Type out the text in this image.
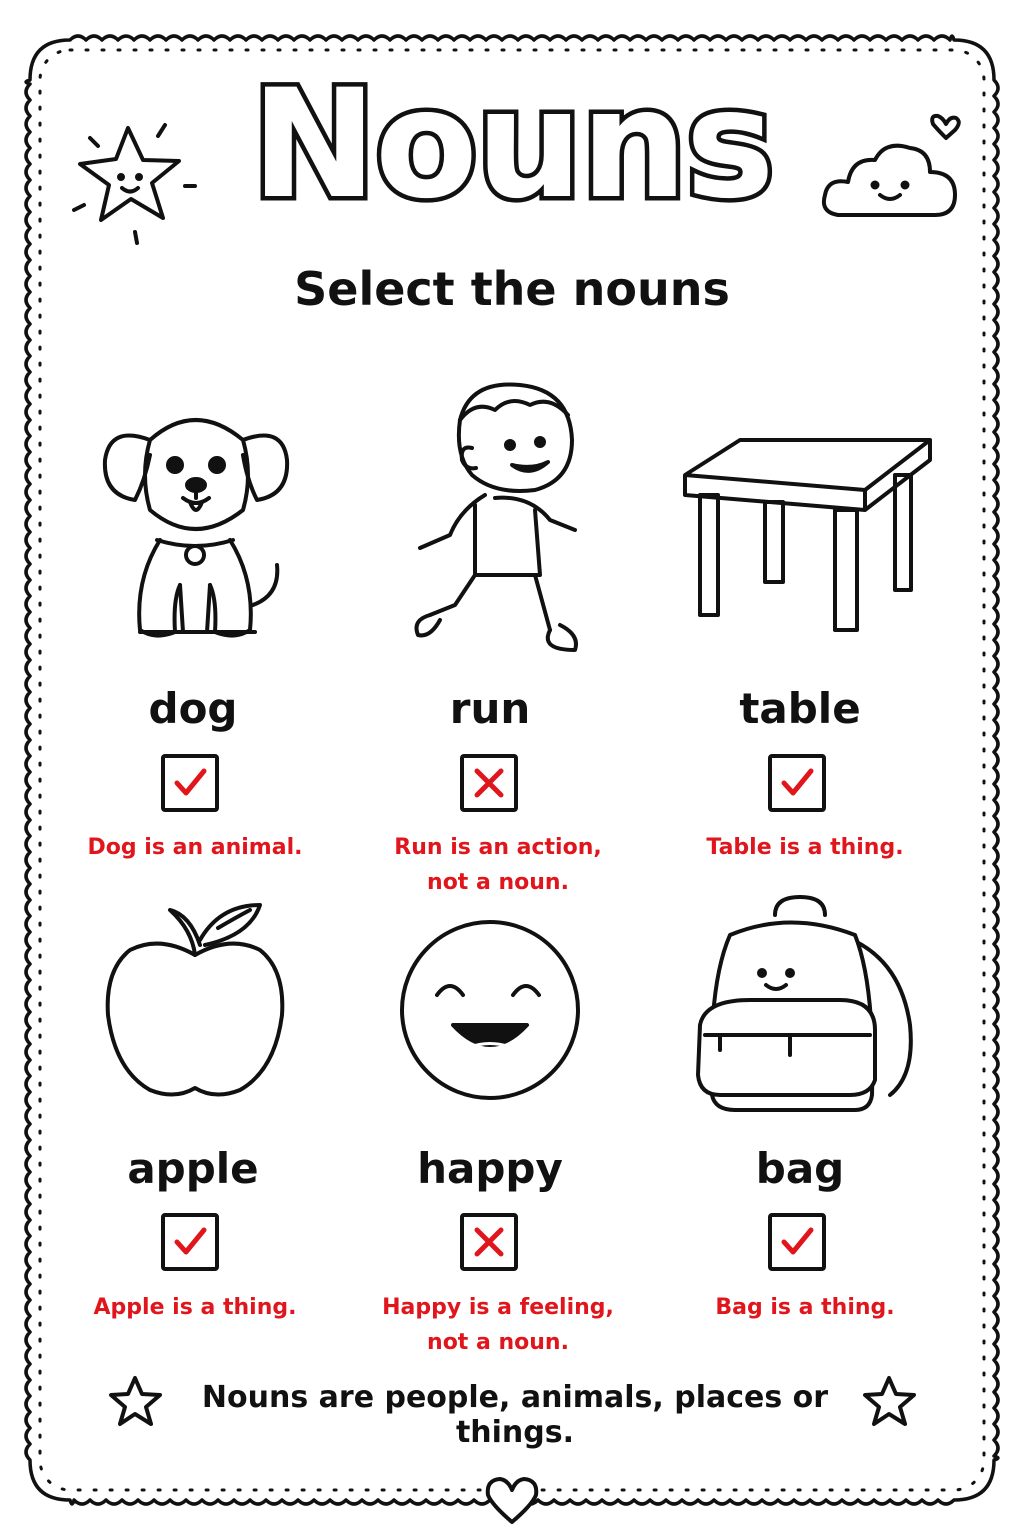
Nouns
Select the nouns
dog	run	table
apple	happy	bag
Dog is an animal.	Run is an action,
not a noun.
Table is a thing.
Apple is a thing.	Happy is a feeling,
not a noun.
Bag is a thing.
Nouns are people, animals, places or things.
